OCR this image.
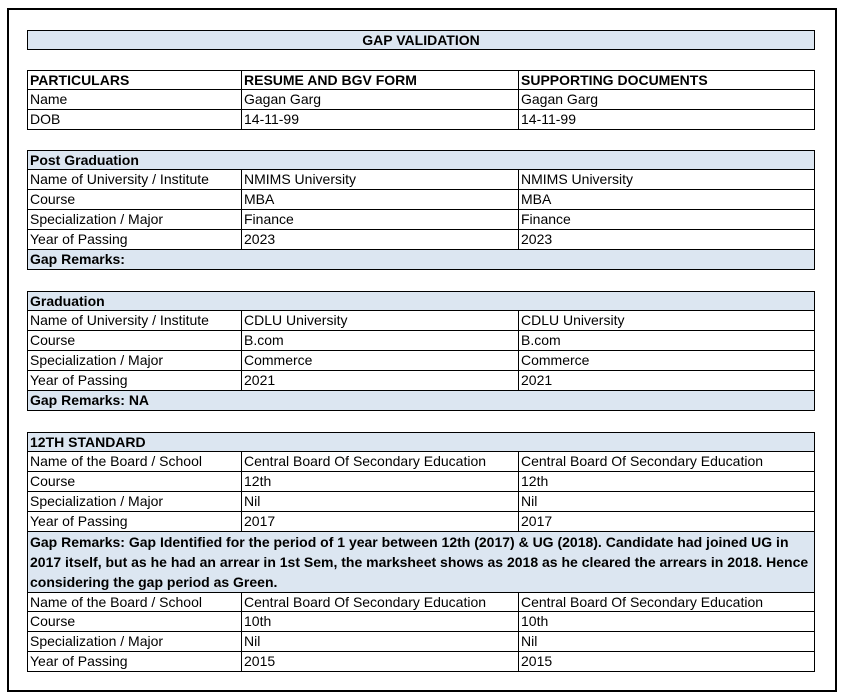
GAP VALIDATION
PARTICULARS	RESUME AND BGV FORM	SUPPORTING DOCUMENTS
Name	Gagan Garg	Gagan Garg
DOB	14-11-99	14-11-99
Post Graduation
Name of University / Institute	NMIMS University	NMIMS University
Course	MBA	MBA
Specialization / Major	Finance	Finance
Year of Passing	2023	2023
Gap Remarks:
Graduation
Name of University / Institute	CDLU University	CDLU University
Course	B.com	B.com
Specialization / Major	Commerce	Commerce
Year of Passing	2021	2021
Gap Remarks: NA
12TH STANDARD
Name of the Board / School	Central Board Of Secondary Education	Central Board Of Secondary Education
Course	12th	12th
Specialization / Major	Nil	Nil
Year of Passing	2017	2017
Gap Remarks: Gap Identified for the period of 1 year between 12th (2017) & UG (2018). Candidate had joined UG in 2017 itself, but as he had an arrear in 1st Sem, the marksheet shows as 2018 as he cleared the arrears in 2018. Hence considering the gap period as Green.
Name of the Board / School	Central Board Of Secondary Education	Central Board Of Secondary Education
Course	10th	10th
Specialization / Major	Nil	Nil
Year of Passing	2015	2015
